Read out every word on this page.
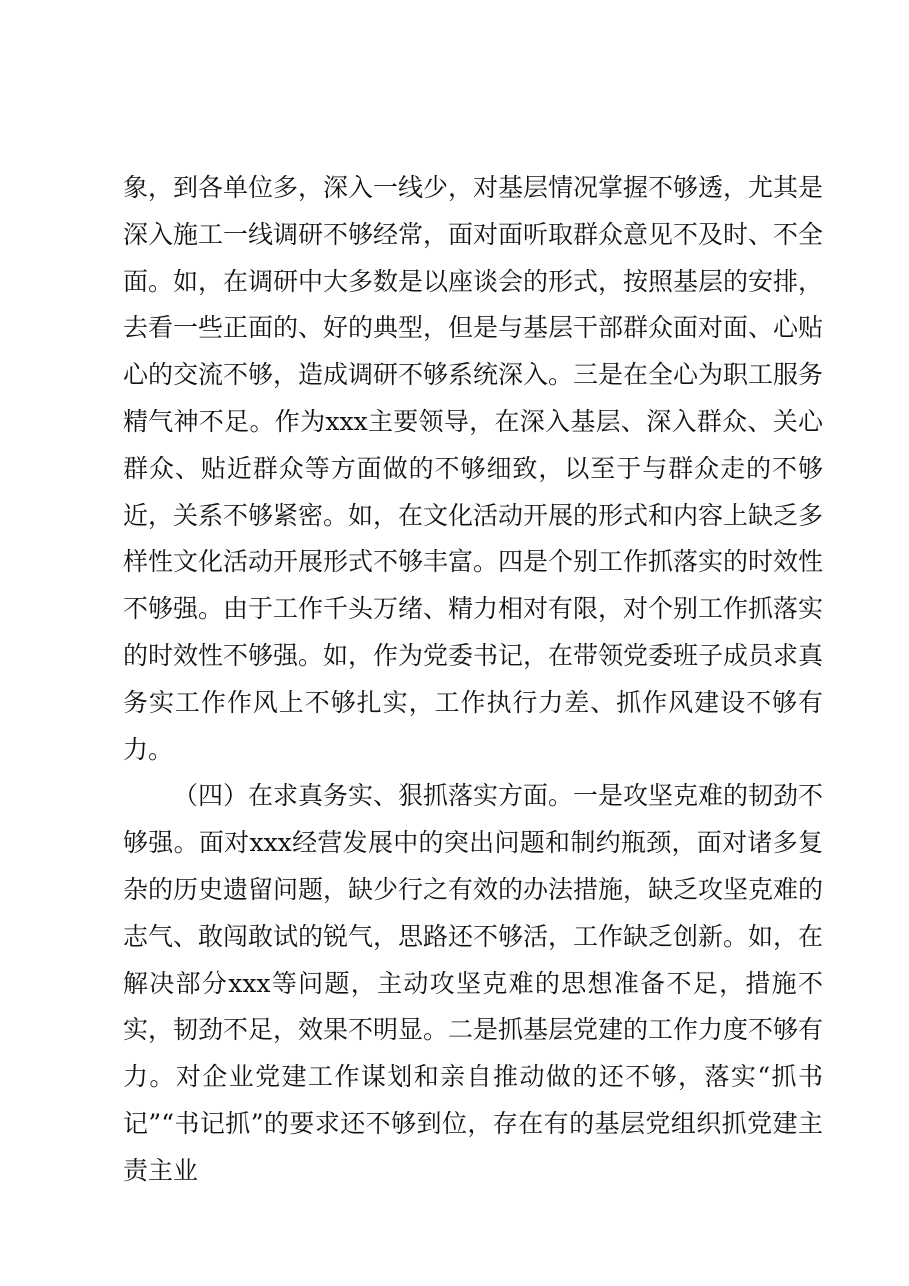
象，到各单位多，深入一线少，对基层情况掌握不够透，尤其是深入施工一线调研不够经常，面对面听取群众意见不及时、不全面。如，在调研中大多数是以座谈会的形式，按照基层的安排，去看一些正面的、好的典型，但是与基层干部群众面对面、心贴心的交流不够，造成调研不够系统深入。三是在全心为职工服务精气神不足。作为xxx主要领导，在深入基层、深入群众、关心群众、贴近群众等方面做的不够细致，以至于与群众走的不够近，关系不够紧密。如，在文化活动开展的形式和内容上缺乏多样性文化活动开展形式不够丰富。四是个别工作抓落实的时效性不够强。由于工作千头万绪、精力相对有限，对个别工作抓落实的时效性不够强。如，作为党委书记，在带领党委班子成员求真务实工作作风上不够扎实，工作执行力差、抓作风建设不够有力。

（四）在求真务实、狠抓落实方面。一是攻坚克难的韧劲不够强。面对xxx经营发展中的突出问题和制约瓶颈，面对诸多复杂的历史遗留问题，缺少行之有效的办法措施，缺乏攻坚克难的志气、敢闯敢试的锐气，思路还不够活，工作缺乏创新。如，在解决部分xxx等问题，主动攻坚克难的思想准备不足，措施不实，韧劲不足，效果不明显。二是抓基层党建的工作力度不够有力。对企业党建工作谋划和亲自推动做的还不够，落实“抓书记”“书记抓”的要求还不够到位，存在有的基层党组织抓党建主责主业
